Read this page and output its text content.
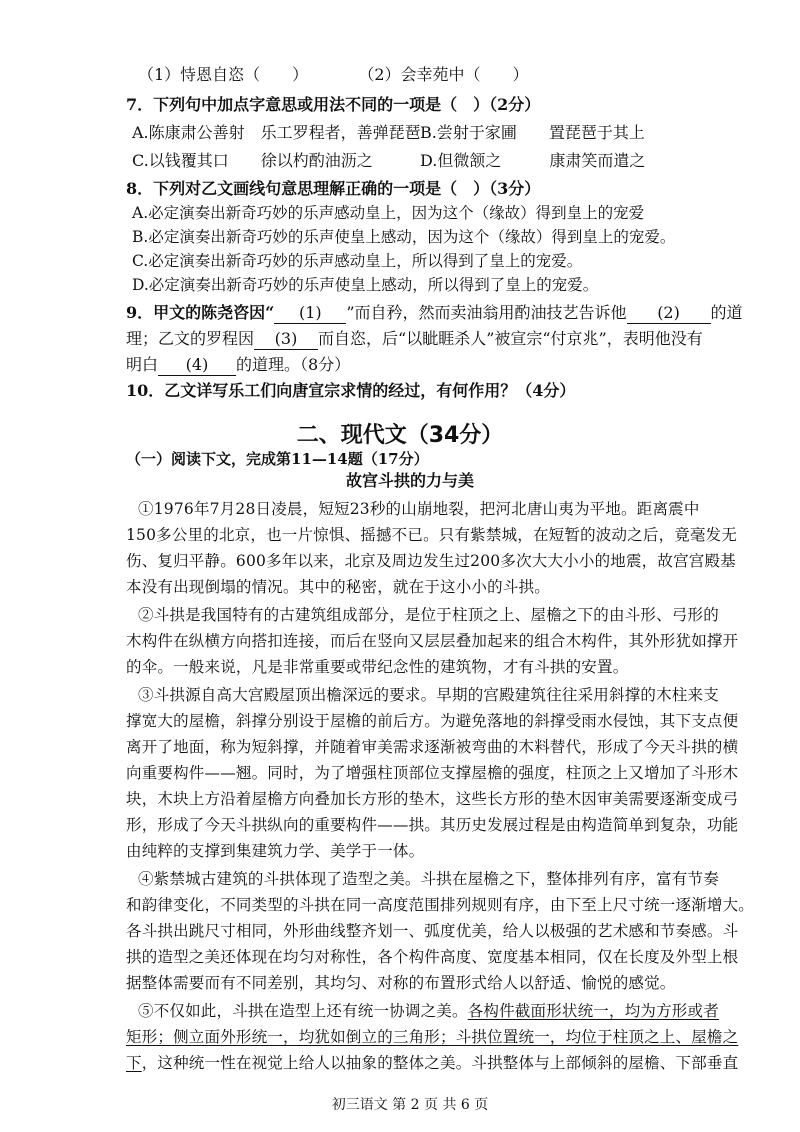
（1）恃恩自恣（　　）	（2）会幸苑中（　　）
7．下列句中加点字意思或用法不同的一项是（　）（2分）
A.陈康肃公善射　乐工罗程者，善弹琵琶B.尝射于家圃　　置琵琶于其上
C.以钱覆其口　　徐以杓酌油沥之	D.但微颔之　　　康肃笑而遣之
8．下列对乙文画线句意思理解正确的一项是（　）（3分）
A.必定演奏出新奇巧妙的乐声感动皇上，因为这个（缘故）得到皇上的宠爱
B.必定演奏出新奇巧妙的乐声使皇上感动，因为这个（缘故）得到皇上的宠爱。
C.必定演奏出新奇巧妙的乐声感动皇上，所以得到了皇上的宠爱。
D.必定演奏出新奇巧妙的乐声使皇上感动，所以得到了皇上的宠爱。
9．甲文的陈尧咨因“ (1) ”而自矜，然而卖油翁用酌油技艺告诉他 (2) 的道
理；乙文的罗程因 (3) 而自恣，后“以眦睚杀人”被宣宗“付京兆”，表明他没有
明白 (4) 的道理。（8分）
10．乙文详写乐工们向唐宣宗求情的经过，有何作用？（4分）
二、现代文（34分）
（一）阅读下文，完成第11—14题（17分）
故宫斗拱的力与美
①1976年7月28日凌晨，短短23秒的山崩地裂，把河北唐山夷为平地。距离震中
150多公里的北京，也一片惊惧、摇撼不已。只有紫禁城，在短暂的波动之后，竟毫发无
伤、复归平静。600多年以来，北京及周边发生过200多次大大小小的地震，故宫宫殿基
本没有出现倒塌的情况。其中的秘密，就在于这小小的斗拱。
②斗拱是我国特有的古建筑组成部分，是位于柱顶之上、屋檐之下的由斗形、弓形的
木构件在纵横方向搭扣连接，而后在竖向又层层叠加起来的组合木构件，其外形犹如撑开
的伞。一般来说，凡是非常重要或带纪念性的建筑物，才有斗拱的安置。
③斗拱源自高大宫殿屋顶出檐深远的要求。早期的宫殿建筑往往采用斜撑的木柱来支
撑宽大的屋檐，斜撑分别设于屋檐的前后方。为避免落地的斜撑受雨水侵蚀，其下支点便
离开了地面，称为短斜撑，并随着审美需求逐渐被弯曲的木料替代，形成了今天斗拱的横
向重要构件——翘。同时，为了增强柱顶部位支撑屋檐的强度，柱顶之上又增加了斗形木
块，木块上方沿着屋檐方向叠加长方形的垫木，这些长方形的垫木因审美需要逐渐变成弓
形，形成了今天斗拱纵向的重要构件——拱。其历史发展过程是由构造简单到复杂，功能
由纯粹的支撑到集建筑力学、美学于一体。
④紫禁城古建筑的斗拱体现了造型之美。斗拱在屋檐之下，整体排列有序，富有节奏
和韵律变化，不同类型的斗拱在同一高度范围排列规则有序，由下至上尺寸统一逐渐增大。
各斗拱出跳尺寸相同，外形曲线整齐划一、弧度优美，给人以极强的艺术感和节奏感。斗
拱的造型之美还体现在均匀对称性，各个构件高度、宽度基本相同，仅在长度及外型上根
据整体需要而有不同差别，其均匀、对称的布置形式给人以舒适、愉悦的感觉。
⑤不仅如此，斗拱在造型上还有统一协调之美。各构件截面形状统一，均为方形或者
矩形；侧立面外形统一，均犹如倒立的三角形；斗拱位置统一，均位于柱顶之上、屋檐之
下，这种统一性在视觉上给人以抽象的整体之美。斗拱整体与上部倾斜的屋檐、下部垂直
初三语文 第 2 页 共 6 页
